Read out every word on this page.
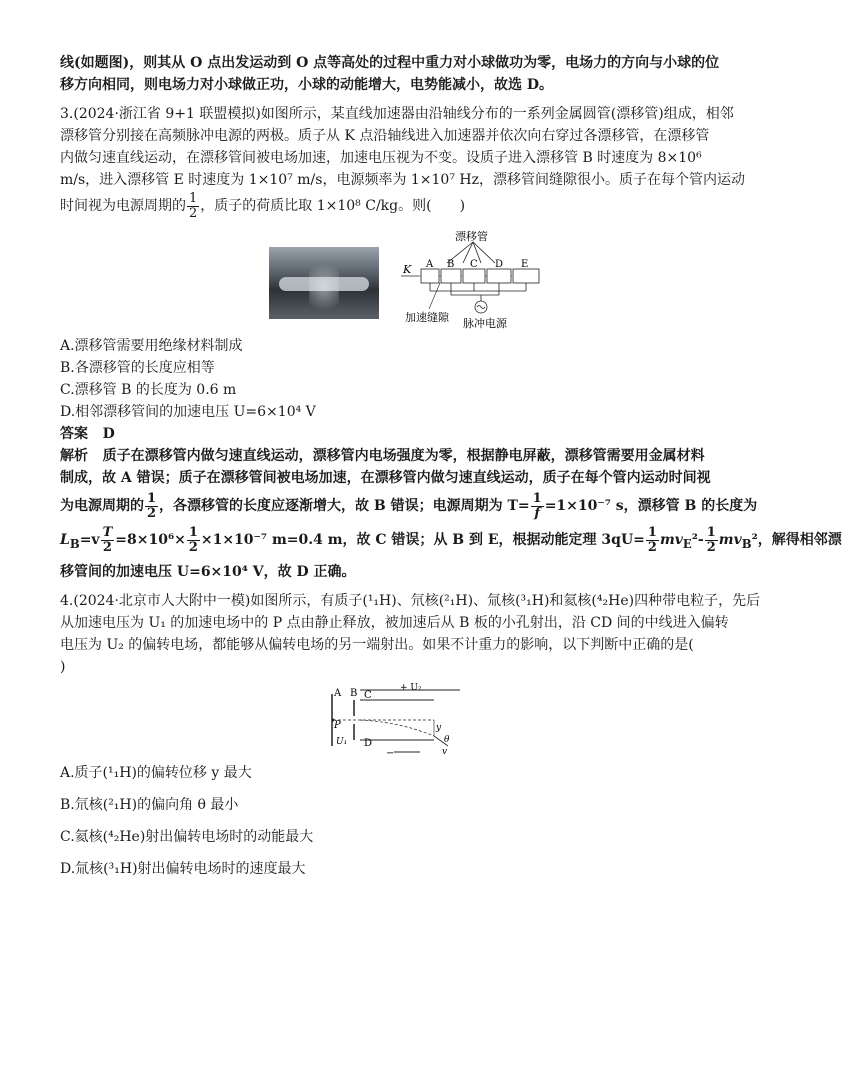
线(如题图)，则其从 O 点出发运动到 O 点等高处的过程中重力对小球做功为零，电场力的方向与小球的位

移方向相同，则电场力对小球做正功，小球的动能增大，电势能减小，故选 D。

3.(2024·浙江省 9+1 联盟模拟)如图所示，某直线加速器由沿轴线分布的一系列金属圆管(漂移管)组成，相邻

漂移管分别接在高频脉冲电源的两极。质子从 K 点沿轴线进入加速器并依次向右穿过各漂移管，在漂移管

内做匀速直线运动，在漂移管间被电场加速，加速电压视为不变。设质子进入漂移管 B 时速度为 8×10⁶

m/s，进入漂移管 E 时速度为 1×10⁷ m/s，电源频率为 1×10⁷ Hz，漂移管间缝隙很小。质子在每个管内运动

时间视为电源周期的 $\frac{1}{2}$ ，质子的荷质比取 1×10⁸ C/kg。则(　　)

漂移管
K A B C D E
加速缝隙 脉冲电源

A.漂移管需要用绝缘材料制成

B.各漂移管的长度应相等

C.漂移管 B 的长度为 0.6 m

D.相邻漂移管间的加速电压 U=6×10⁴ V

答案 D

解析 质子在漂移管内做匀速直线运动，漂移管内电场强度为零，根据静电屏蔽，漂移管需要用金属材料

制成，故 A 错误；质子在漂移管间被电场加速，在漂移管内做匀速直线运动，质子在每个管内运动时间视

为电源周期的 $\frac{1}{2}$ ，各漂移管的长度应逐渐增大，故 B 错误；电源周期为 $T= \frac{1}{f} =1\times 10^{-7}$ s，漂移管 B 的长度为

$L_B=v \frac{T}{2} =8\times 10^6\times \frac{1}{2} \times 1\times 10^{-7}$ m=0.4 m，故 C 错误；从 B 到 E，根据动能定理 $3qU= \frac{1}{2} mv_E^2- \frac{1}{2} mv_B^2$，解得相邻漂

移管间的加速电压 U=6×10⁴ V，故 D 正确。

4.(2024·北京市人大附中一模)如图所示，有质子(¹₁H)、氘核(²₁H)、氚核(³₁H)和氦核(⁴₂He)四种带电粒子，先后

从加速电压为 U₁ 的加速电场中的 P 点由静止释放，被加速后从 B 板的小孔射出，沿 CD 间的中线进入偏转

电压为 U₂ 的偏转电场，都能够从偏转电场的另一端射出。如果不计重力的影响，以下判断中正确的是(

)

A B C
+ U₂
P	y
θ
v
D
U₁
−

A.质子(¹₁H)的偏转位移 y 最大

B.氘核(²₁H)的偏向角 θ 最小

C.氦核(⁴₂He)射出偏转电场时的动能最大

D.氚核(³₁H)射出偏转电场时的速度最大
